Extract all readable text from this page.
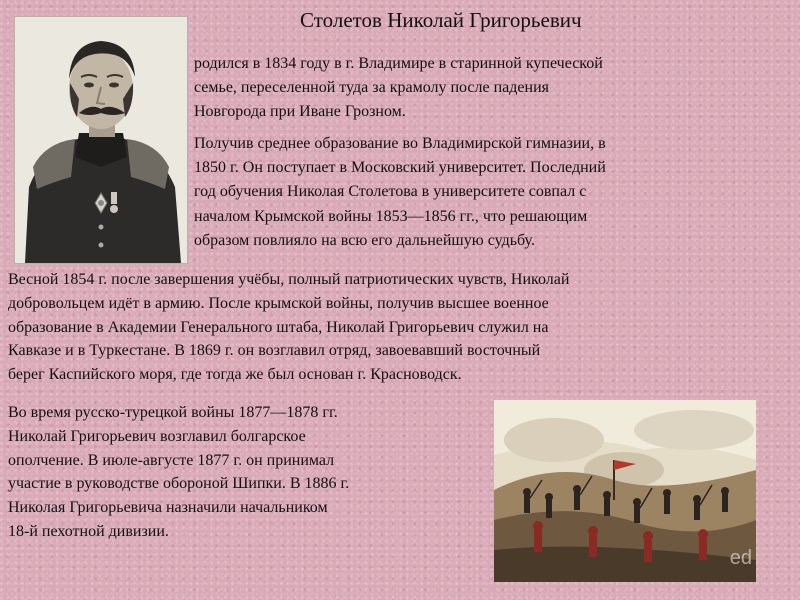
Столетов Николай Григорьевич
родился в 1834 году в г. Владимире в старинной купеческой
семье, переселенной туда за крамолу после падения
Новгорода при Иване Грозном.
Получив среднее образование во Владимирской гимназии, в
1850 г. Он поступает в Московский университет. Последний
год обучения Николая Столетова в университете совпал с
началом Крымской войны 1853—1856 гг., что решающим
образом повлияло на всю его дальнейшую судьбу.
Весной 1854 г. после завершения учёбы, полный патриотических чувств, Николай
добровольцем идёт в армию. После крымской войны, получив высшее военное
образование в Академии Генерального штаба, Николай Григорьевич служил на
Кавказе и в Туркестане. В 1869 г. он возглавил отряд, завоевавший восточный
берег Каспийского моря, где тогда же был основан г. Красноводск.
Во время русско-турецкой войны 1877—1878 гг.
Николай Григорьевич возглавил болгарское
ополчение. В июле-августе 1877 г. он принимал
участие в руководстве обороной Шипки. В 1886 г.
Николая Григорьевича назначили начальником
18-й пехотной дивизии.
ed
